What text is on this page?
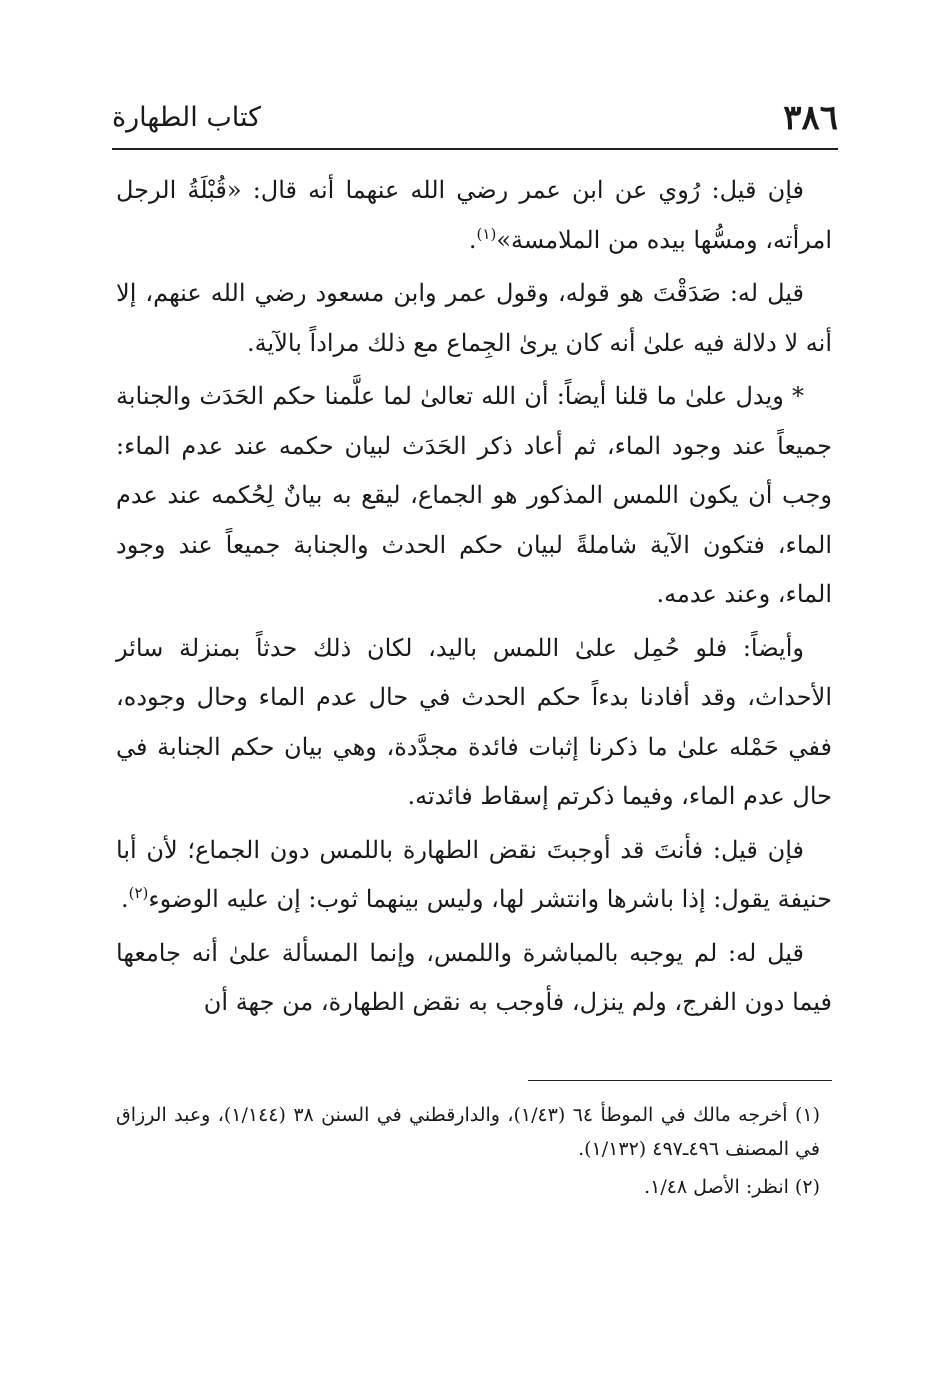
٣٨٦
كتاب الطهارة

فإن قيل: رُوي عن ابن عمر رضي الله عنهما أنه قال: «قُبْلَةُ الرجل امرأته، ومسُّها بيده من الملامسة»$^{(١)}$.

قيل له: صَدَقْتَ هو قوله، وقول عمر وابن مسعود رضي الله عنهم، إلا أنه لا دلالة فيه علىٰ أنه كان يرىٰ الجِماع مع ذلك مراداً بالآية.

* ويدل علىٰ ما قلنا أيضاً: أن الله تعالىٰ لما علَّمنا حكم الحَدَث والجنابة جميعاً عند وجود الماء، ثم أعاد ذكر الحَدَث لبيان حكمه عند عدم الماء: وجب أن يكون اللمس المذكور هو الجماع، ليقع به بيانٌ لِحُكمه عند عدم الماء، فتكون الآية شاملةً لبيان حكم الحدث والجنابة جميعاً عند وجود الماء، وعند عدمه.

وأيضاً: فلو حُمِل علىٰ اللمس باليد، لكان ذلك حدثاً بمنزلة سائر الأحداث، وقد أفادنا بدءاً حكم الحدث في حال عدم الماء وحال وجوده، ففي حَمْله علىٰ ما ذكرنا إثبات فائدة مجدَّدة، وهي بيان حكم الجنابة في حال عدم الماء، وفيما ذكرتم إسقاط فائدته.

فإن قيل: فأنتَ قد أوجبتَ نقض الطهارة باللمس دون الجماع؛ لأن أبا حنيفة يقول: إذا باشرها وانتشر لها، وليس بينهما ثوب: إن عليه الوضوء$^{(٢)}$.

قيل له: لم يوجبه بالمباشرة واللمس، وإنما المسألة علىٰ أنه جامعها فيما دون الفرج، ولم ينزل، فأوجب به نقض الطهارة، من جهة أن

(١) أخرجه مالك في الموطأ ٦٤ (١/٤٣)، والدارقطني في السنن ٣٨ (١/١٤٤)، وعبد الرزاق في المصنف ٤٩٦ـ٤٩٧ (١/١٣٢).

(٢) انظر: الأصل ١/٤٨.
